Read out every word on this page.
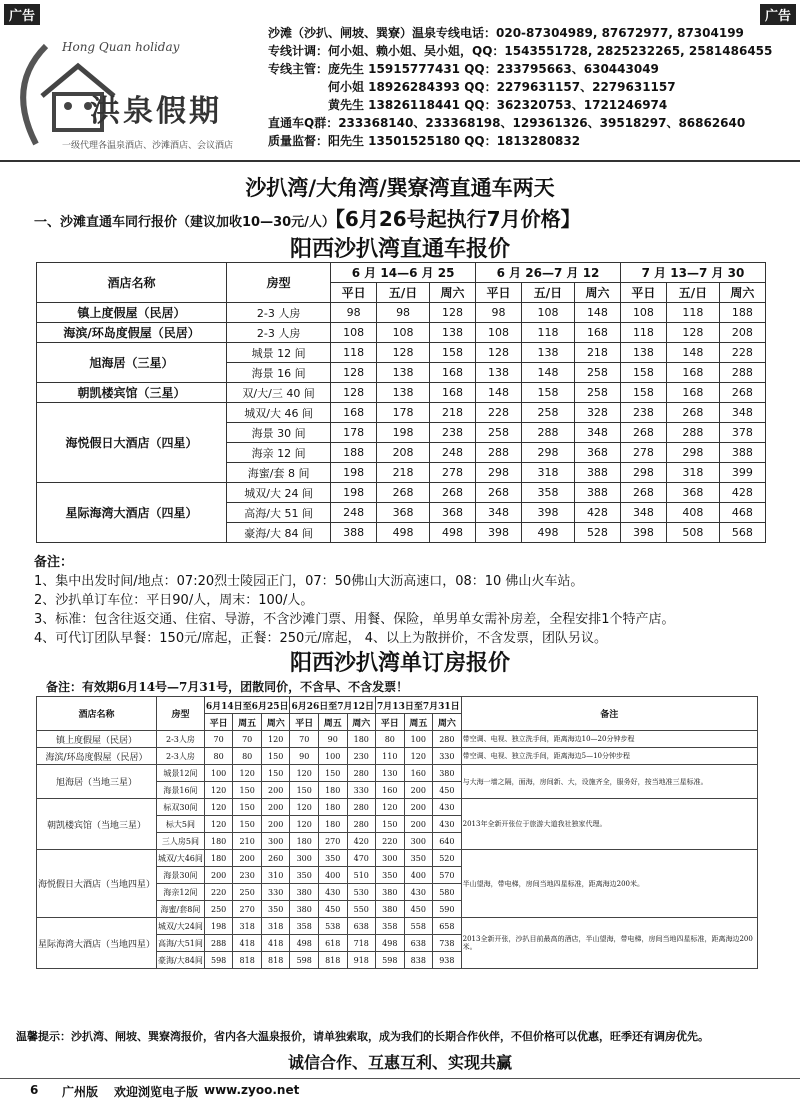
广告	广告
Hong Quan holiday
洪泉假期
一级代理各温泉酒店、沙滩酒店、会议酒店
沙滩（沙扒、闸坡、巽寮）温泉专线电话：020-87304989, 87672977, 87304199
专线计调：何小姐、赖小姐、吴小姐，QQ：1543551728, 2825232265, 2581486455
专线主管：庞先生 15915777431 QQ：233795663、630443049
　　　　　何小姐 18926284393 QQ：2279631157、2279631157
　　　　　黄先生 13826118441 QQ：362320753、1721246974
直通车Q群：233368140、233368198、129361326、39518297、86862640
质量监督：阳先生 13501525180 QQ：1813280832
沙扒湾/大角湾/巽寮湾直通车两天
一、沙滩直通车同行报价（建议加收10—30元/人）【6月26号起执行7月价格】
阳西沙扒湾直通车报价
酒店名称	房型	6 月 14—6 月 25			6 月 26—7 月 12			7 月 13—7 月 30		
		平日	五/日	周六	平日	五/日	周六	平日	五/日	周六
镇上度假屋（民居）	2-3 人房	98	98	128	98	108	148	108	118	188
海滨/环岛度假屋（民居）	2-3 人房	108	108	138	108	118	168	118	128	208
旭海居（三星）	城景 12 间	118	128	158	128	138	218	138	148	228
	海景 16 间	128	138	168	138	148	258	158	168	288
朝凯楼宾馆（三星）	双/大/三 40 间	128	138	168	148	158	258	158	168	268
海悦假日大酒店（四星）	城双/大 46 间	168	178	218	228	258	328	238	268	348
	海景 30 间	178	198	238	258	288	348	268	288	378
	海亲 12 间	188	208	248	288	298	368	278	298	388
	海蜜/套 8 间	198	218	278	298	318	388	298	318	399
星际海湾大酒店（四星）	城双/大 24 间	198	268	268	268	358	388	268	368	428
	高海/大 51 间	248	368	368	348	398	428	348	408	468
	豪海/大 84 间	388	498	498	398	498	528	398	508	568
备注：
1、集中出发时间/地点：07:20烈士陵园正门，07：50佛山大沥高速口，08：10 佛山火车站。
2、沙扒单订车位：平日90/人，周末：100/人。
3、标准：包含往返交通、住宿、导游，不含沙滩门票、用餐、保险，单男单女需补房差，全程安排1个特产店。
4、可代订团队早餐：150元/席起，正餐：250元/席起， 4、以上为散拼价，不含发票，团队另议。
阳西沙扒湾单订房报价
备注：有效期6月14号—7月31号，团散同价，不含早、不含发票！
酒店名称	房型	6月14日至6月25日			6月26日至7月12日			7月13日至7月31日			备注
		平日	周五	周六	平日	周五	周六	平日	周五	周六	
镇上度假屋（民居）	2-3人房	70	70	120	70	90	180	80	100	280	带空调、电视、独立洗手间，距离海边10—20分钟步程
海滨/环岛度假屋（民居）	2-3人房	80	80	150	90	100	230	110	120	330	带空调、电视、独立洗手间，距离海边5—10分钟步程
旭海居（当地三星）	城景12间	100	120	150	120	150	280	130	160	380	与大海一墙之隔，面海，房间新、大，设施齐全，服务好，按当地准三星标准。
	海景16间	120	150	200	150	180	330	160	200	450	
朝凯楼宾馆（当地三星）	标双30间	120	150	200	120	180	280	120	200	430	2013年全新开张位于旅游大道我社独家代理。
	标大5间	120	150	200	120	180	280	150	200	430	
	三人房5间	180	210	300	180	270	420	220	300	640	
海悦假日大酒店（当地四星）	城双/大46间	180	200	260	300	350	470	300	350	520	半山望海，带电梯，房间当地四星标准，距离海边200米。
	海景30间	200	230	310	350	400	510	350	400	570	
	海亲12间	220	250	330	380	430	530	380	430	580	
	海蜜/套8间	250	270	350	380	450	550	380	450	590	
星际海湾大酒店（当地四星）	城双/大24间	198	318	318	358	538	638	358	558	658	2013全新开张，沙扒目前最高的酒店，半山望海，带电梯，房间当地四星标准，距离海边200米。
	高海/大51间	288	418	418	498	618	718	498	638	738	
	豪海/大84间	598	818	818	598	818	918	598	838	938	
温馨提示：沙扒湾、闸坡、巽寮湾报价，省内各大温泉报价，请单独索取，成为我们的长期合作伙伴，不但价格可以优惠，旺季还有调房优先。
诚信合作、互惠互利、实现共赢
6 广州版 欢迎浏览电子版 www.zyoo.net
